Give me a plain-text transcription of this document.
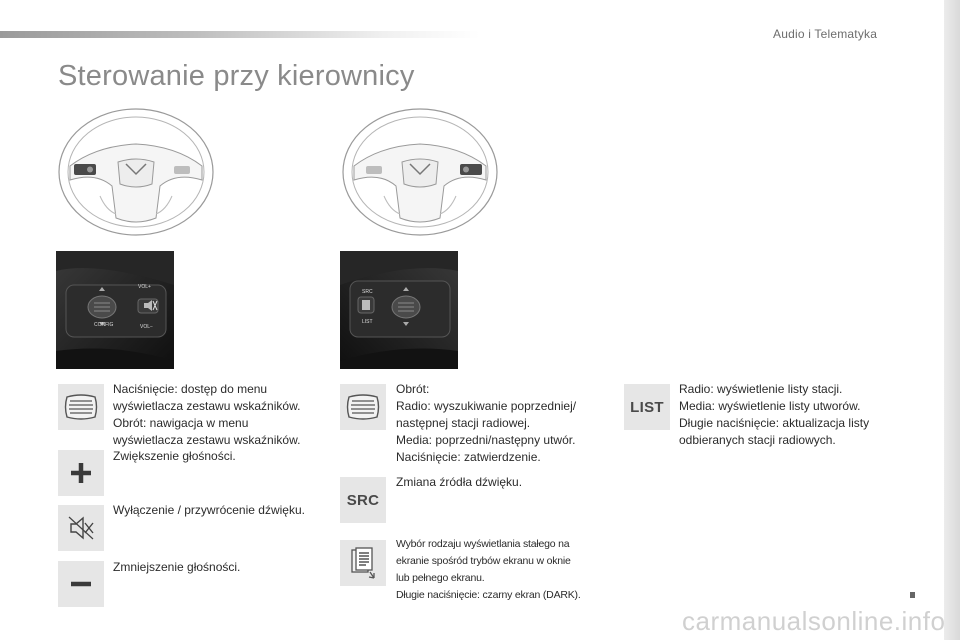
Audio i Telematyka
Sterowanie przy kierownicy
VOL+
CONFIG	VOL−
SRC
LIST
Naciśnięcie: dostęp do menu
wyświetlacza zestawu wskaźników.
Obrót: nawigacja w menu
wyświetlacza zestawu wskaźników.
Zwiększenie głośności.
Wyłączenie / przywrócenie dźwięku.
Zmniejszenie głośności.
Obrót:
Radio: wyszukiwanie poprzedniej/
następnej stacji radiowej.
Media: poprzedni/następny utwór.
Naciśnięcie: zatwierdzenie.
SRC
Zmiana źródła dźwięku.
Wybór rodzaju wyświetlania stałego na
ekranie spośród trybów ekranu w oknie
lub pełnego ekranu.
Długie naciśnięcie: czarny ekran (DARK).
LIST
Radio: wyświetlenie listy stacji.
Media: wyświetlenie listy utworów.
Długie naciśnięcie: aktualizacja listy
odbieranych stacji radiowych.
carmanualsonline.info
